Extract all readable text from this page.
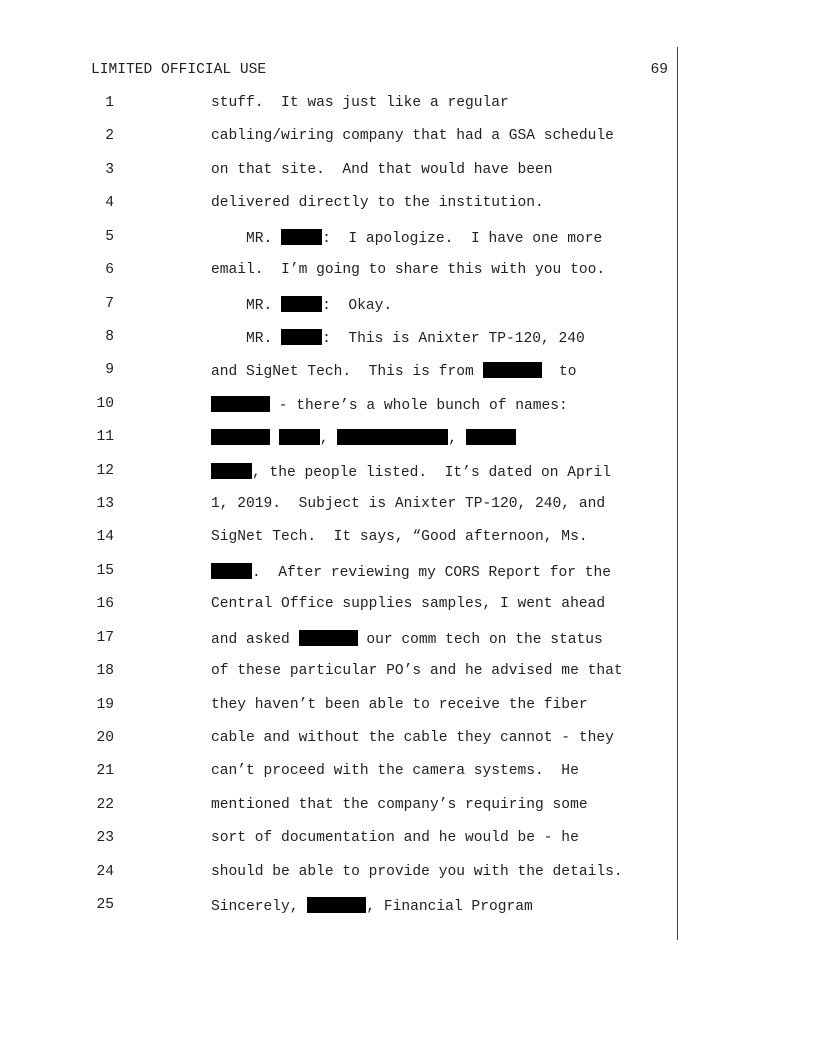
LIMITED OFFICIAL USE	69
1	stuff.  It was just like a regular
2	cabling/wiring company that had a GSA schedule
3	on that site.  And that would have been
4	delivered directly to the institution.
5	MR.	:  I apologize.  I have one more
6	email.  I’m going to share this with you too.
7	MR.	:  Okay.
8	MR.	:  This is Anixter TP-120, 240
9	and SigNet Tech.  This is from	to
10	- there’s a whole bunch of names:
11	,	,
12	, the people listed.  It’s dated on April
13	1, 2019.  Subject is Anixter TP-120, 240, and
14	SigNet Tech.  It says, “Good afternoon, Ms.
15	.  After reviewing my CORS Report for the
16	Central Office supplies samples, I went ahead
17	and asked	our comm tech on the status
18	of these particular PO’s and he advised me that
19	they haven’t been able to receive the fiber
20	cable and without the cable they cannot - they
21	can’t proceed with the camera systems.  He
22	mentioned that the company’s requiring some
23	sort of documentation and he would be - he
24	should be able to provide you with the details.
25	Sincerely,	, Financial Program
